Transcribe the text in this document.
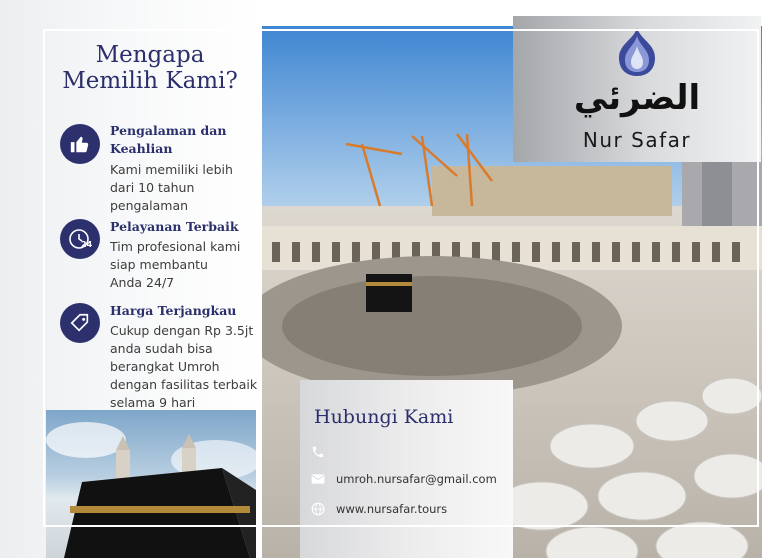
Mengapa
Memilih Kami?
Pengalaman dan
Keahlian
Kami memiliki lebih
dari 10 tahun
pengalaman
24
Pelayanan Terbaik
Tim profesional kami
siap membantu
Anda 24/7
Harga Terjangkau
Cukup dengan Rp 3.5jt
anda sudah bisa
berangkat Umroh
dengan fasilitas terbaik
selama 9 hari
الضرئي
Nur Safar
Hubungi Kami
umroh.nursafar@gmail.com
www.nursafar.tours
